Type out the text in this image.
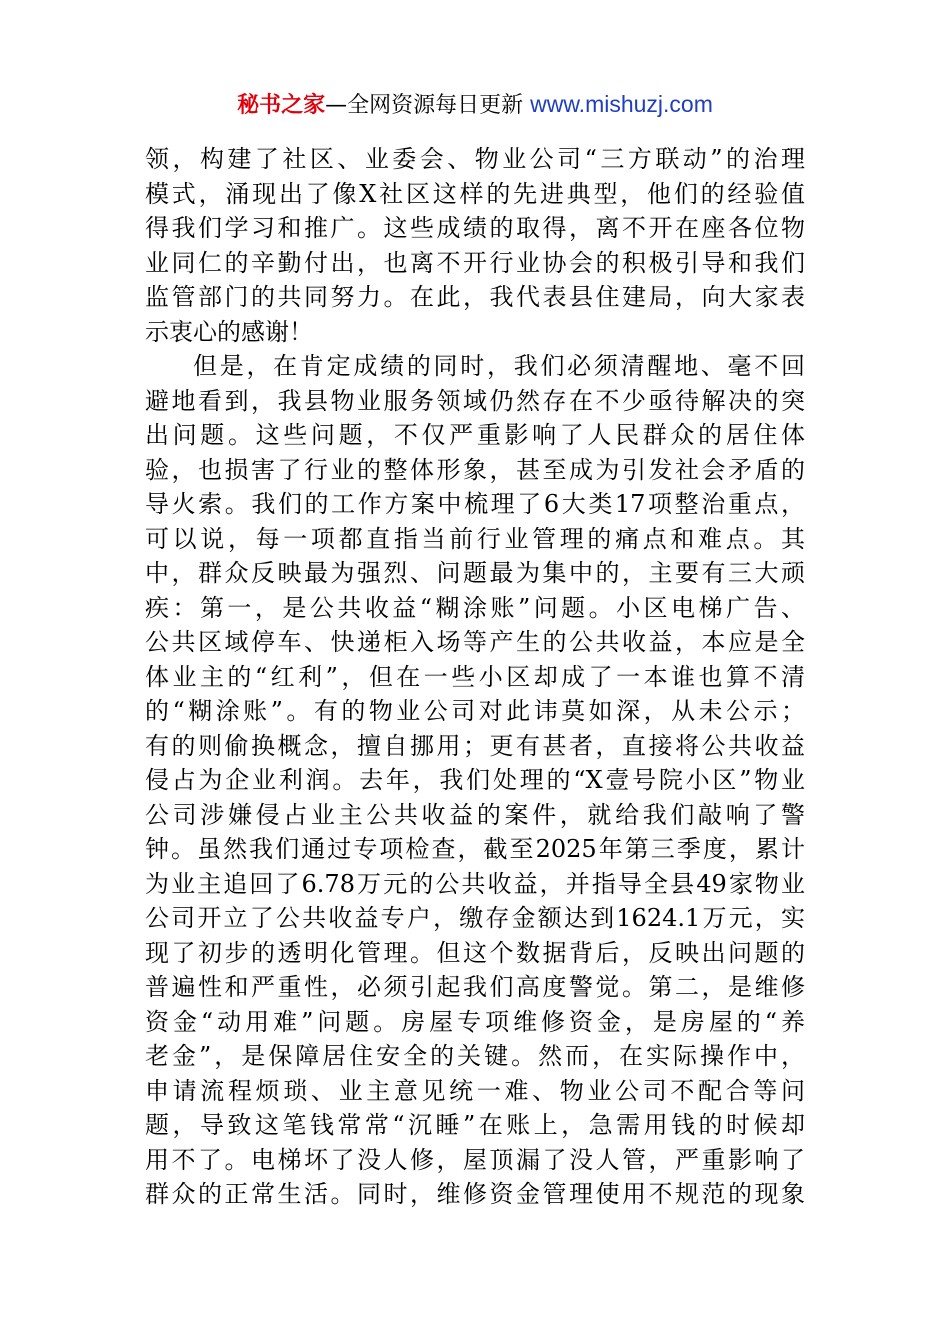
秘书之家—全网资源每日更新 www.mishuzj.com
领，构建了社区、业委会、物业公司“三方联动”的治理
模式，涌现出了像X社区这样的先进典型，他们的经验值
得我们学习和推广。这些成绩的取得，离不开在座各位物
业同仁的辛勤付出，也离不开行业协会的积极引导和我们
监管部门的共同努力。在此，我代表县住建局，向大家表
示衷心的感谢！
但是，在肯定成绩的同时，我们必须清醒地、毫不回
避地看到，我县物业服务领域仍然存在不少亟待解决的突
出问题。这些问题，不仅严重影响了人民群众的居住体
验，也损害了行业的整体形象，甚至成为引发社会矛盾的
导火索。我们的工作方案中梳理了6大类17项整治重点，
可以说，每一项都直指当前行业管理的痛点和难点。其
中，群众反映最为强烈、问题最为集中的，主要有三大顽
疾：第一，是公共收益“糊涂账”问题。小区电梯广告、
公共区域停车、快递柜入场等产生的公共收益，本应是全
体业主的“红利”，但在一些小区却成了一本谁也算不清
的“糊涂账”。有的物业公司对此讳莫如深，从未公示；
有的则偷换概念，擅自挪用；更有甚者，直接将公共收益
侵占为企业利润。去年，我们处理的“X壹号院小区”物业
公司涉嫌侵占业主公共收益的案件，就给我们敲响了警
钟。虽然我们通过专项检查，截至2025年第三季度，累计
为业主追回了6.78万元的公共收益，并指导全县49家物业
公司开立了公共收益专户，缴存金额达到1624.1万元，实
现了初步的透明化管理。但这个数据背后，反映出问题的
普遍性和严重性，必须引起我们高度警觉。第二，是维修
资金“动用难”问题。房屋专项维修资金，是房屋的“养
老金”，是保障居住安全的关键。然而，在实际操作中，
申请流程烦琐、业主意见统一难、物业公司不配合等问
题，导致这笔钱常常“沉睡”在账上，急需用钱的时候却
用不了。电梯坏了没人修，屋顶漏了没人管，严重影响了
群众的正常生活。同时，维修资金管理使用不规范的现象
